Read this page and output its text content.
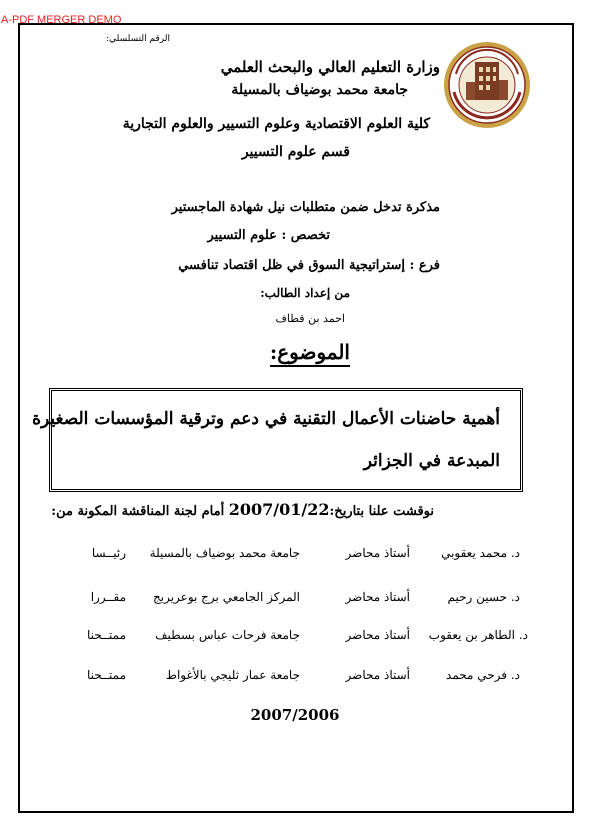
A-PDF MERGER DEMO
الرقم التسلسلي:
وزارة التعليم العالي والبحث العلمي
جامعة محمد بوضياف بالمسيلة
كلية العلوم الاقتصادية وعلوم التسيير والعلوم التجارية
قسم علوم التسيير
مذكرة تدخل ضمن متطلبات نيل شهادة الماجستير
تخصص : علوم التسيير
فرع : إستراتيجية السوق في ظل اقتصاد تنافسي
من إعداد الطالب:
احمد بن قطاف
الموضوع:
أهمية حاضنات الأعمال التقنية في دعم وترقية المؤسسات الصغيرة
المبدعة في الجزائر
نوقشت علنا بتاريخ:2007/01/22 أمام لجنة المناقشة المكونة من:
د. محمد يعقوبي
أستاذ محاضر
جامعة محمد بوضياف بالمسيلة
رئيــسا
د. حسين رحيم
أستاذ محاضر
المركز الجامعي برج بوعريريج
مقــررا
د. الطاهر بن يعقوب
أستاذ محاضر
جامعة فرحات عباس بسطيف
ممتــحنا
د. فرحي محمد
أستاذ محاضر
جامعة عمار ثليجي بالأغواط
ممتــحنا
2007/2006
